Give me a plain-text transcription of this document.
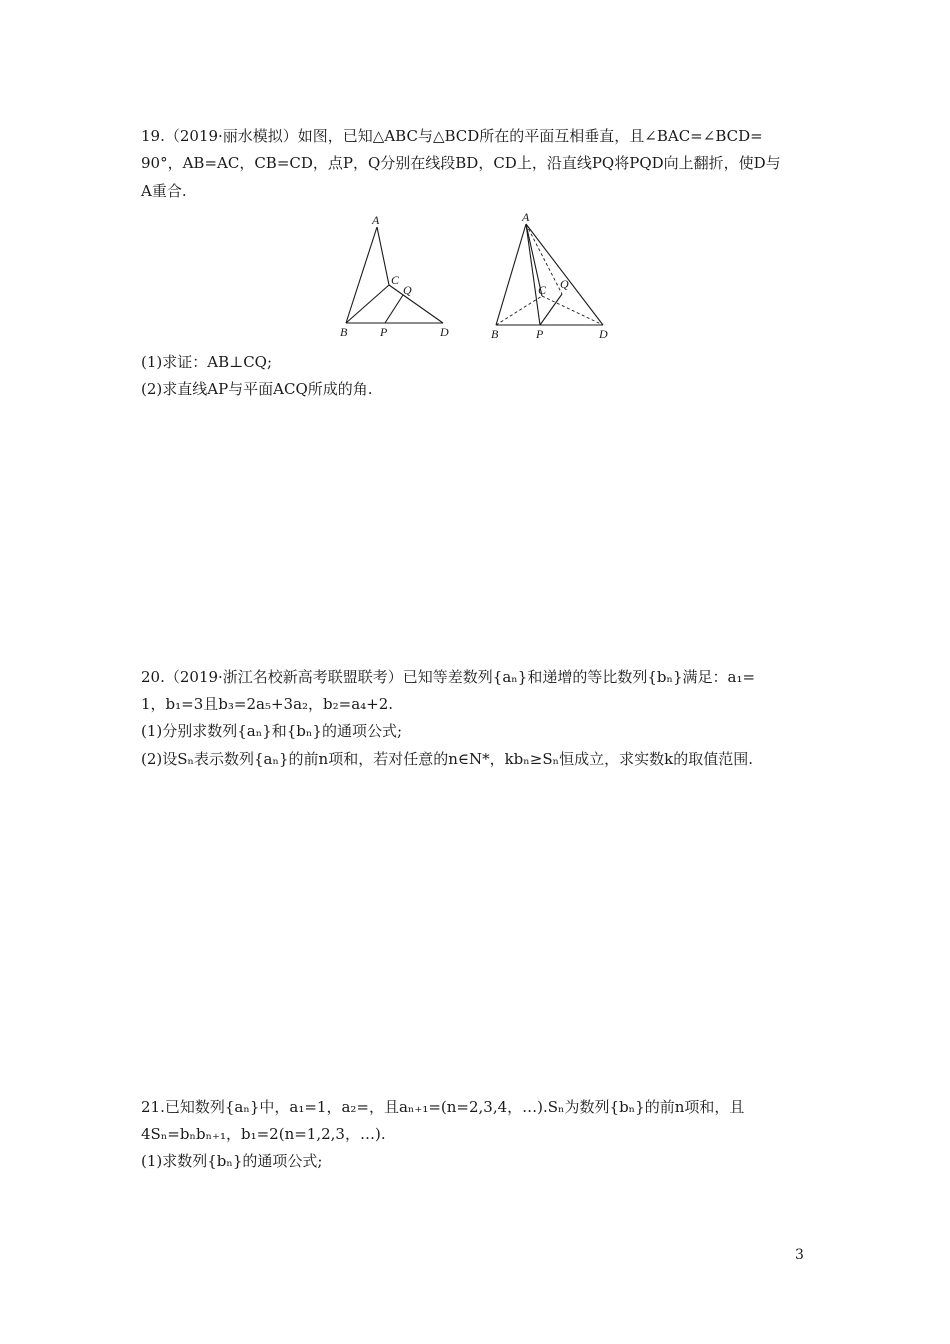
19.（2019·丽水模拟）如图，已知△ABC与△BCD所在的平面互相垂直，且∠BAC=∠BCD=
90°，AB=AC，CB=CD，点P，Q分别在线段BD，CD上，沿直线PQ将PQD向上翻折，使D与
A重合.
A
B
C
Q
P	D
A
B
C Q
P	D
(1)求证：AB⊥CQ;
(2)求直线AP与平面ACQ所成的角.
20.（2019·浙江名校新高考联盟联考）已知等差数列{aₙ}和递增的等比数列{bₙ}满足：a₁=
1，b₁=3且b₃=2a₅+3a₂，b₂=a₄+2.
(1)分别求数列{aₙ}和{bₙ}的通项公式;
(2)设Sₙ表示数列{aₙ}的前n项和，若对任意的n∈N*，kbₙ≥Sₙ恒成立，求实数k的取值范围.
21.已知数列{aₙ}中，a₁=1，a₂=，且aₙ₊₁=(n=2,3,4，…).Sₙ为数列{bₙ}的前n项和，且
4Sₙ=bₙbₙ₊₁，b₁=2(n=1,2,3，…).
(1)求数列{bₙ}的通项公式;
3
